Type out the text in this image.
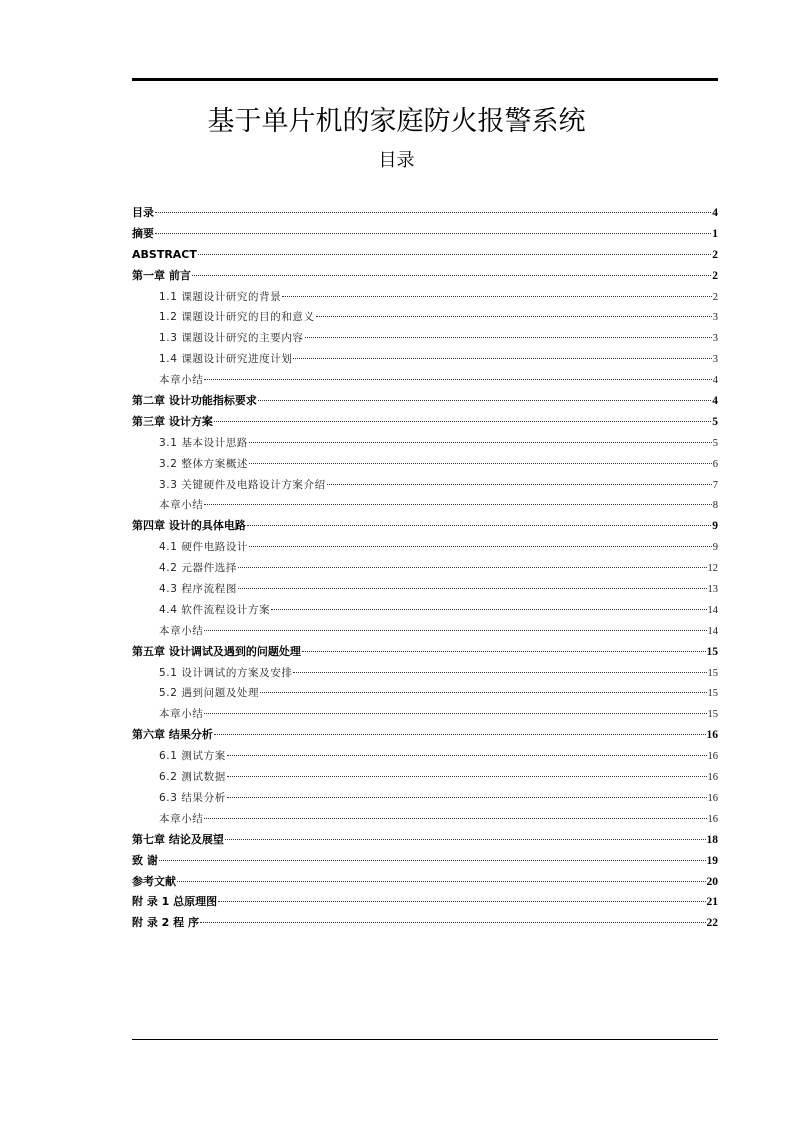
基于单片机的家庭防火报警系统
目录
目录	4
摘要	1
ABSTRACT	2
第一章 前言	2
1.1 课题设计研究的背景	2
1.2 课题设计研究的目的和意义	3
1.3 课题设计研究的主要内容	3
1.4 课题设计研究进度计划	3
本章小结	4
第二章 设计功能指标要求	4
第三章 设计方案	5
3.1 基本设计思路	5
3.2 整体方案概述	6
3.3 关键硬件及电路设计方案介绍	7
本章小结	8
第四章 设计的具体电路	9
4.1 硬件电路设计	9
4.2 元器件选择	12
4.3 程序流程图	13
4.4 软件流程设计方案	14
本章小结	14
第五章 设计调试及遇到的问题处理	15
5.1 设计调试的方案及安排	15
5.2 遇到问题及处理	15
本章小结	15
第六章 结果分析	16
6.1 测试方案	16
6.2 测试数据	16
6.3 结果分析	16
本章小结	16
第七章 结论及展望	18
致 谢	19
参考文献	20
附 录 1 总原理图	21
附 录 2 程 序	22
